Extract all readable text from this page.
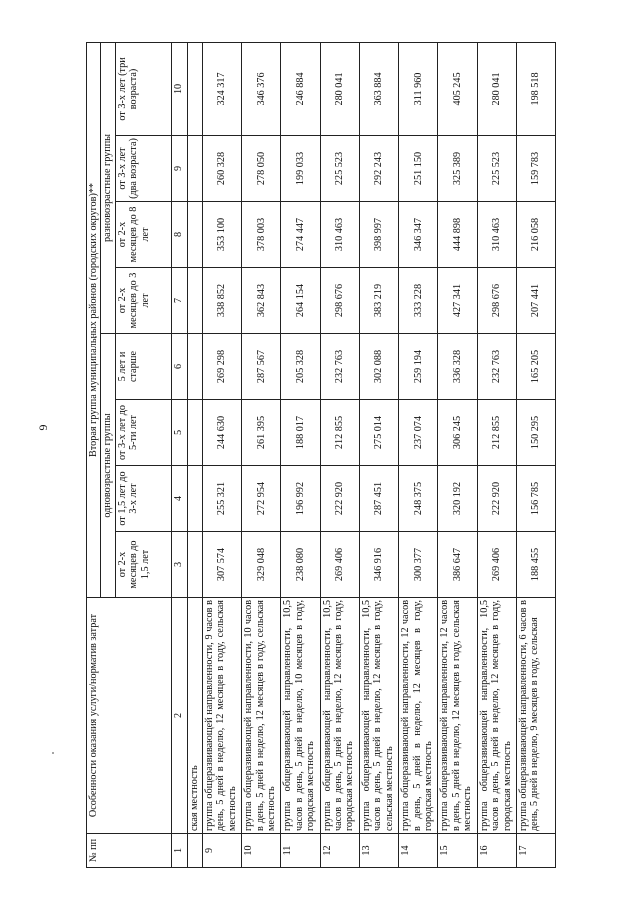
6
№ пп	Особенности оказания услуги/норматив затрат	Вторая группа муниципальных районов (городских округов)**							
		одновозрастные группы				разновозрастные группы			
		от 2-х месяцев до 1,5 лет	от 1,5 лет до 3-х лет	от 3-х лет до 5-ти лет	5 лет и старше	от 2-х месяцев до 3 лет	от 2-х месяцев до 8 лет	от 3-х лет (два возраста)	от 3-х лет (три возраста)
1	2	3	4	5	6	7	8	9	10
	ская местность								
9	группа общеразвивающей направленности, 9 часов в день, 5 дней в неделю, 12 месяцев в году, сельская местность	307 574	255 321	244 630	269 298	338 852	353 100	260 328	324 317
10	группа общеразвивающей направленности, 10 часов в день, 5 дней в неделю, 12 месяцев в году, сельская местность	329 048	272 954	261 395	287 567	362 843	378 003	278 050	346 376
11	группа общеразвивающей направленности, 10,5 часов в день, 5 дней в неделю, 10 месяцев в году, городская местность	238 080	196 992	188 017	205 328	264 154	274 447	199 033	246 884
12	группа общеразвивающей направленности, 10,5 часов в день, 5 дней в неделю, 12 месяцев в году, городская местность	269 406	222 920	212 855	232 763	298 676	310 463	225 523	280 041
13	группа общеразвивающей направленности, 10,5 часов в день, 5 дней в неделю, 12 месяцев в году, сельская местность	346 916	287 451	275 014	302 088	383 219	398 997	292 243	363 884
14	группа общеразвивающей направленности, 12 часов в день, 5 дней в неделю, 12 месяцев в году, городская местность	300 377	248 375	237 074	259 194	333 228	346 347	251 150	311 960
15	группа общеразвивающей направленности, 12 часов в день, 5 дней в неделю, 12 месяцев в году, сельская местность	386 647	320 192	306 245	336 328	427 341	444 898	325 389	405 245
16	группа общеразвивающей направленности, 10,5 часов в день, 5 дней в неделю, 12 месяцев в году, городская местность	269 406	222 920	212 855	232 763	298 676	310 463	225 523	280 041
17	группа общеразвивающей направленности, 6 часов в день, 5 дней в неделю, 9 месяцев в году, сельская	188 455	156 785	150 295	165 205	207 441	216 058	159 783	198 518
